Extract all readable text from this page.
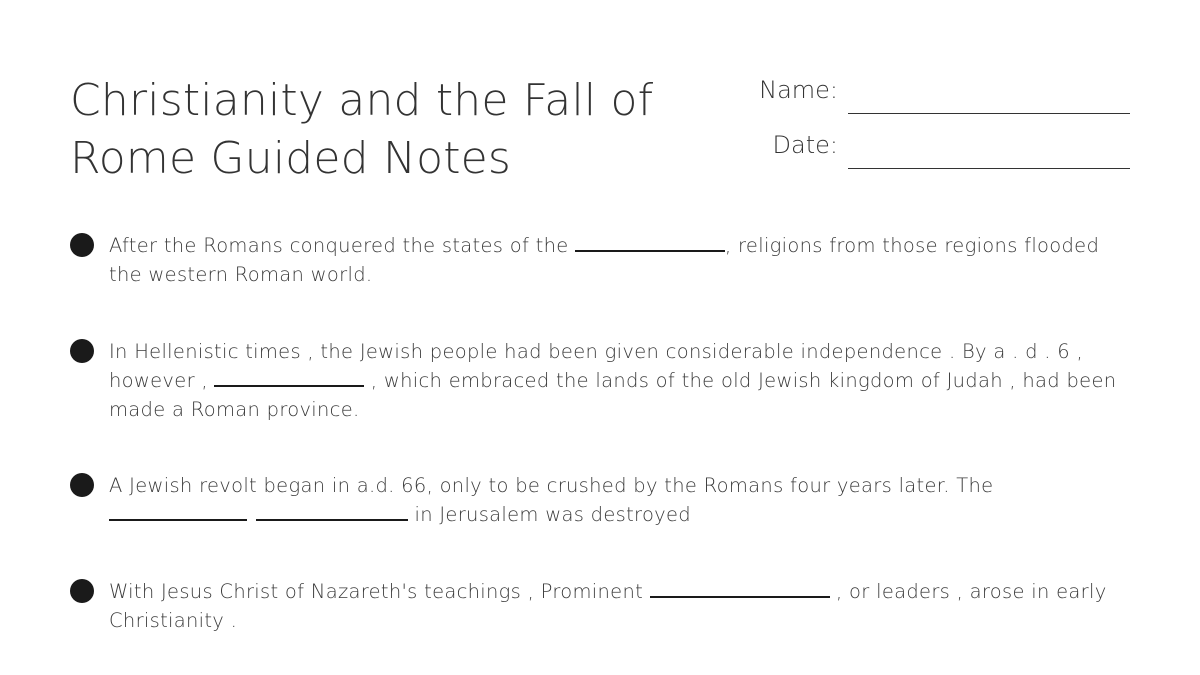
Christianity and the Fall of
Rome Guided Notes
Name:
Date:
After the Romans conquered the states of the	, religions from those regions flooded the western Roman world.
In Hellenistic times , the Jewish people had been given considerable independence . By a . d . 6 , however ,	, which embraced the lands of the old Jewish kingdom of Judah , had been made a Roman province.
A Jewish revolt began in a.d. 66, only to be crushed by the Romans four years later. The
in Jerusalem was destroyed
With Jesus Christ of Nazareth's teachings , Prominent	, or leaders , arose in early Christianity .
